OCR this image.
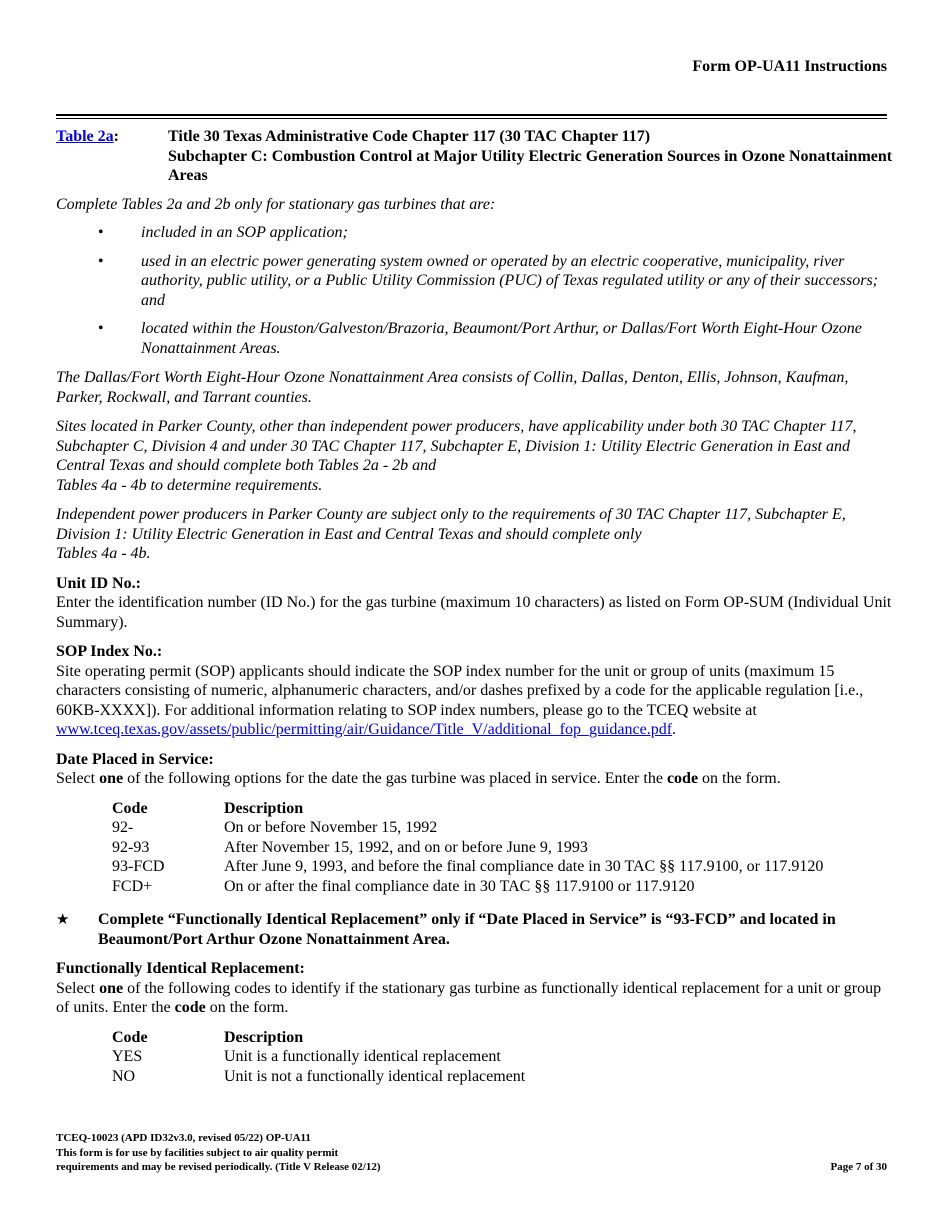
Form OP-UA11 Instructions
Table 2a:	Title 30 Texas Administrative Code Chapter 117 (30 TAC Chapter 117)
Subchapter C: Combustion Control at Major Utility Electric Generation Sources in Ozone Nonattainment Areas

Complete Tables 2a and 2b only for stationary gas turbines that are:

•	included in an SOP application;
•	used in an electric power generating system owned or operated by an electric cooperative, municipality, river authority, public utility, or a Public Utility Commission (PUC) of Texas regulated utility or any of their successors; and
•	located within the Houston/Galveston/Brazoria, Beaumont/Port Arthur, or Dallas/Fort Worth Eight-Hour Ozone Nonattainment Areas.

The Dallas/Fort Worth Eight-Hour Ozone Nonattainment Area consists of Collin, Dallas, Denton, Ellis, Johnson, Kaufman, Parker, Rockwall, and Tarrant counties.

Sites located in Parker County, other than independent power producers, have applicability under both 30 TAC Chapter 117, Subchapter C, Division 4 and under 30 TAC Chapter 117, Subchapter E, Division 1: Utility Electric Generation in East and Central Texas and should complete both Tables 2a - 2b and
Tables 4a - 4b to determine requirements.

Independent power producers in Parker County are subject only to the requirements of 30 TAC Chapter 117, Subchapter E, Division 1: Utility Electric Generation in East and Central Texas and should complete only
Tables 4a - 4b.

Unit ID No.:

Enter the identification number (ID No.) for the gas turbine (maximum 10 characters) as listed on Form OP-SUM (Individual Unit Summary).

SOP Index No.:

Site operating permit (SOP) applicants should indicate the SOP index number for the unit or group of units (maximum 15 characters consisting of numeric, alphanumeric characters, and/or dashes prefixed by a code for the applicable regulation [i.e., 60KB-XXXX]). For additional information relating to SOP index numbers, please go to the TCEQ website at www.tceq.texas.gov/assets/public/permitting/air/Guidance/Title_V/additional_fop_guidance.pdf.

Date Placed in Service:

Select one of the following options for the date the gas turbine was placed in service. Enter the code on the form.

Code	Description
92-	On or before November 15, 1992
92-93	After November 15, 1992, and on or before June 9, 1993
93-FCD	After June 9, 1993, and before the final compliance date in 30 TAC §§ 117.9100, or 117.9120
FCD+	On or after the final compliance date in 30 TAC §§ 117.9100 or 117.9120
★	Complete “Functionally Identical Replacement” only if “Date Placed in Service” is “93-FCD” and located in Beaumont/Port Arthur Ozone Nonattainment Area.
Functionally Identical Replacement:

Select one of the following codes to identify if the stationary gas turbine as functionally identical replacement for a unit or group of units. Enter the code on the form.

Code	Description
YES	Unit is a functionally identical replacement
NO	Unit is not a functionally identical replacement
TCEQ-10023 (APD ID32v3.0, revised 05/22) OP-UA11
This form is for use by facilities subject to air quality permit
requirements and may be revised periodically. (Title V Release 02/12)	Page 7 of 30
